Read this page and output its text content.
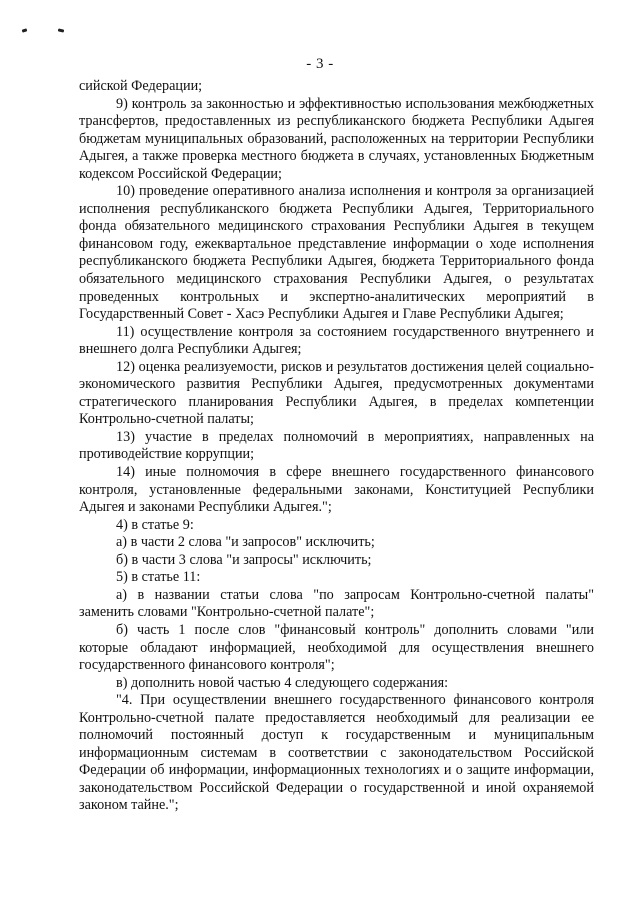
- 3 -

сийской Федерации;

9) контроль за законностью и эффективностью использования межбюджетных трансфертов, предоставленных из республиканского бюджета Республики Адыгея бюджетам муниципальных образований, расположенных на территории Республики Адыгея, а также проверка местного бюджета в случаях, установленных Бюджетным кодексом Российской Федерации;

10) проведение оперативного анализа исполнения и контроля за организацией исполнения республиканского бюджета Республики Адыгея, Территориального фонда обязательного медицинского страхования Республики Адыгея в текущем финансовом году, ежеквартальное представление информации о ходе исполнения республиканского бюджета Республики Адыгея, бюджета Территориального фонда обязательного медицинского страхования Республики Адыгея, о результатах проведенных контрольных и экспертно-аналитических мероприятий в Государственный Совет - Хасэ Республики Адыгея и Главе Республики Адыгея;

11) осуществление контроля за состоянием государственного внутреннего и внешнего долга Республики Адыгея;

12) оценка реализуемости, рисков и результатов достижения целей социально-экономического развития Республики Адыгея, предусмотренных документами стратегического планирования Республики Адыгея, в пределах компетенции Контрольно-счетной палаты;

13) участие в пределах полномочий в мероприятиях, направленных на противодействие коррупции;

14) иные полномочия в сфере внешнего государственного финансового контроля, установленные федеральными законами, Конституцией Республики Адыгея и законами Республики Адыгея.";

4) в статье 9:

а) в части 2 слова "и запросов" исключить;

б) в части 3 слова "и запросы" исключить;

5) в статье 11:

а) в названии статьи слова "по запросам Контрольно-счетной палаты" заменить словами "Контрольно-счетной палате";

б) часть 1 после слов "финансовый контроль" дополнить словами "или которые обладают информацией, необходимой для осуществления внешнего государственного финансового контроля";

в) дополнить новой частью 4 следующего содержания:

"4. При осуществлении внешнего государственного финансового контроля Контрольно-счетной палате предоставляется необходимый для реализации ее полномочий постоянный доступ к государственным и муниципальным информационным системам в соответствии с законодательством Российской Федерации об информации, информационных технологиях и о защите информации, законодательством Российской Федерации о государственной и иной охраняемой законом тайне.";
